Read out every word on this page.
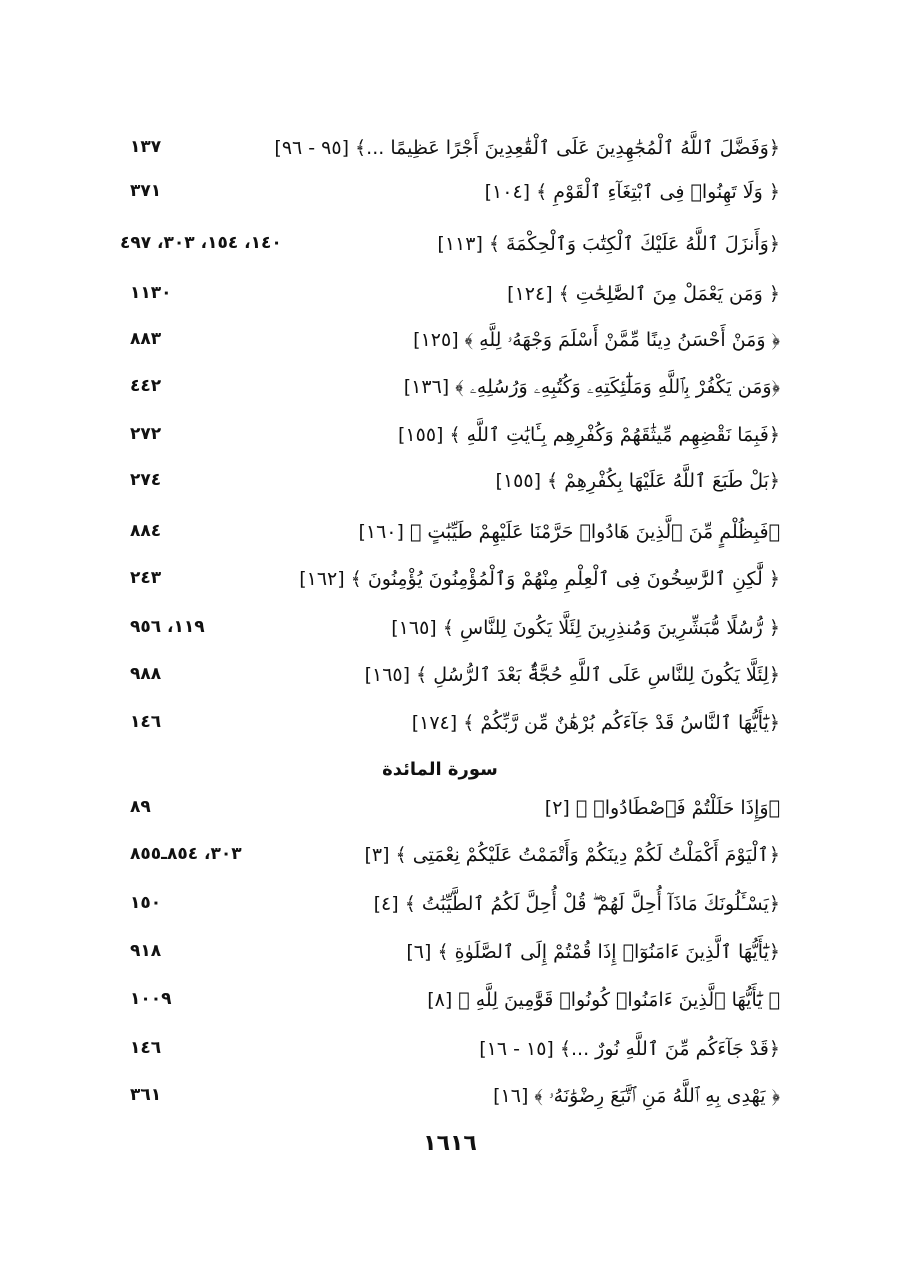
﴿وَفَضَّلَ ٱللَّهُ ٱلْمُجَٰهِدِينَ عَلَى ٱلْقَٰعِدِينَ أَجْرًا عَظِيمًا ...﴾ [٩٥ - ٩٦]
١٣٧
﴿ وَلَا تَهِنُوا۟ فِى ٱبْتِغَآءِ ٱلْقَوْمِ ﴾ [١٠٤]
٣٧١
﴿وَأَنزَلَ ٱللَّهُ عَلَيْكَ ٱلْكِتَٰبَ وَٱلْحِكْمَةَ ﴾ [١١٣]
١٤٠، ١٥٤، ٣٠٣، ٤٩٧
﴿ وَمَن يَعْمَلْ مِنَ ٱلصَّٰلِحَٰتِ ﴾ [١٢٤]
١١٣٠
﴿ وَمَنْ أَحْسَنُ دِينًا مِّمَّنْ أَسْلَمَ وَجْهَهُۥ لِلَّهِ ﴾ [١٢٥]
٨٨٣
﴿وَمَن يَكْفُرْ بِٱللَّهِ وَمَلَٰٓئِكَتِهِۦ وَكُتُبِهِۦ وَرُسُلِهِۦ ﴾ [١٣٦]
٤٤٢
﴿فَبِمَا نَقْضِهِم مِّيثَٰقَهُمْ وَكُفْرِهِم بِـَٔايَٰتِ ٱللَّهِ ﴾ [١٥٥]
٢٧٢
﴿بَلْ طَبَعَ ٱللَّهُ عَلَيْهَا بِكُفْرِهِمْ ﴾ [١٥٥]
٢٧٤
﴿فَبِظُلْمٍ مِّنَ ٱلَّذِينَ هَادُوا۟ حَرَّمْنَا عَلَيْهِمْ طَيِّبَٰتٍ ﴾ [١٦٠]
٨٨٤
﴿ لَّٰكِنِ ٱلرَّٰسِخُونَ فِى ٱلْعِلْمِ مِنْهُمْ وَٱلْمُؤْمِنُونَ يُؤْمِنُونَ ﴾ [١٦٢]
٢٤٣
﴿ رُّسُلًا مُّبَشِّرِينَ وَمُنذِرِينَ لِئَلَّا يَكُونَ لِلنَّاسِ ﴾ [١٦٥]
١١٩، ٩٥٦
﴿لِئَلَّا يَكُونَ لِلنَّاسِ عَلَى ٱللَّهِ حُجَّةٌۢ بَعْدَ ٱلرُّسُلِ ﴾ [١٦٥]
٩٨٨
﴿يَٰٓأَيُّهَا ٱلنَّاسُ قَدْ جَآءَكُم بُرْهَٰنٌ مِّن رَّبِّكُمْ ﴾ [١٧٤]
١٤٦
سورة المائدة
﴿وَإِذَا حَلَلْتُمْ فَٱصْطَادُوا۟ ﴾ [٢]
٨٩
﴿ٱلْيَوْمَ أَكْمَلْتُ لَكُمْ دِينَكُمْ وَأَتْمَمْتُ عَلَيْكُمْ نِعْمَتِى ﴾ [٣]
٣٠٣، ٨٥٤ـ٨٥٥
﴿يَسْـَٔلُونَكَ مَاذَآ أُحِلَّ لَهُمْ ۖ قُلْ أُحِلَّ لَكُمُ ٱلطَّيِّبَٰتُ ﴾ [٤]
١٥٠
﴿يَٰٓأَيُّهَا ٱلَّذِينَ ءَامَنُوٓا۟ إِذَا قُمْتُمْ إِلَى ٱلصَّلَوٰةِ ﴾ [٦]
٩١٨
﴿ يَٰٓأَيُّهَا ٱلَّذِينَ ءَامَنُوا۟ كُونُوا۟ قَوَّٰمِينَ لِلَّهِ ﴾ [٨]
١٠٠٩
﴿قَدْ جَآءَكُم مِّنَ ٱللَّهِ نُورٌ ...﴾ [١٥ - ١٦]
١٤٦
﴿ يَهْدِى بِهِ ٱللَّهُ مَنِ ٱتَّبَعَ رِضْوَٰنَهُۥ ﴾ [١٦]
٣٦١
١٦١٦
